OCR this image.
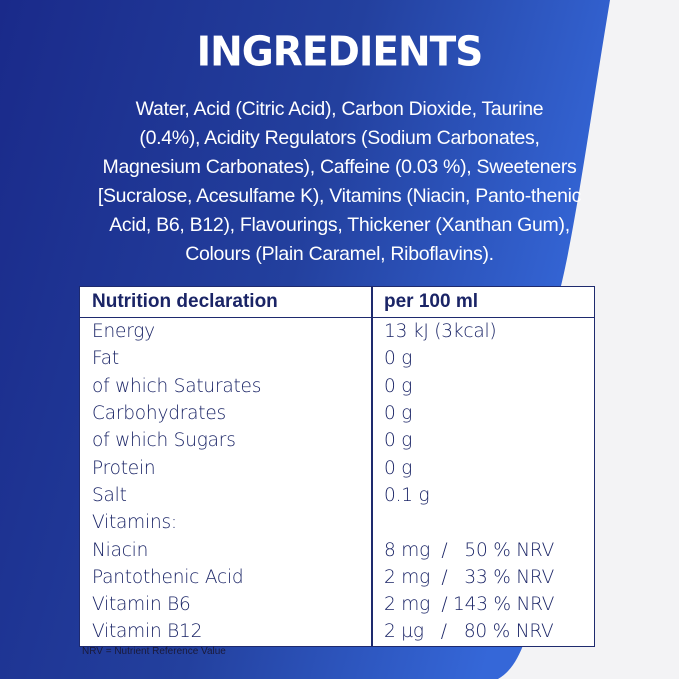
INGREDIENTS
Water, Acid (Citric Acid), Carbon Dioxide, Taurine
(0.4%), Acidity Regulators (Sodium Carbonates,
Magnesium Carbonates), Caffeine (0.03 %), Sweeteners
[Sucralose, Acesulfame K), Vitamins (Niacin, Panto-thenic
Acid, B6, B12), Flavourings, Thickener (Xanthan Gum),
Colours (Plain Caramel, Riboflavins).
Nutrition declaration	per 100 ml
Energy	13 kJ (3kcal)
Fat	0 g
of which Saturates	0 g
Carbohydrates	0 g
of which Sugars	0 g
Protein	0 g
Salt	0.1 g
Vitamins:
Niacin	8 mg  /   50 % NRV
Pantothenic Acid	2 mg  /   33 % NRV
Vitamin B6	2 mg  / 143 % NRV
Vitamin B12	2 µg   /   80 % NRV
NRV = Nutrient Reference Value
